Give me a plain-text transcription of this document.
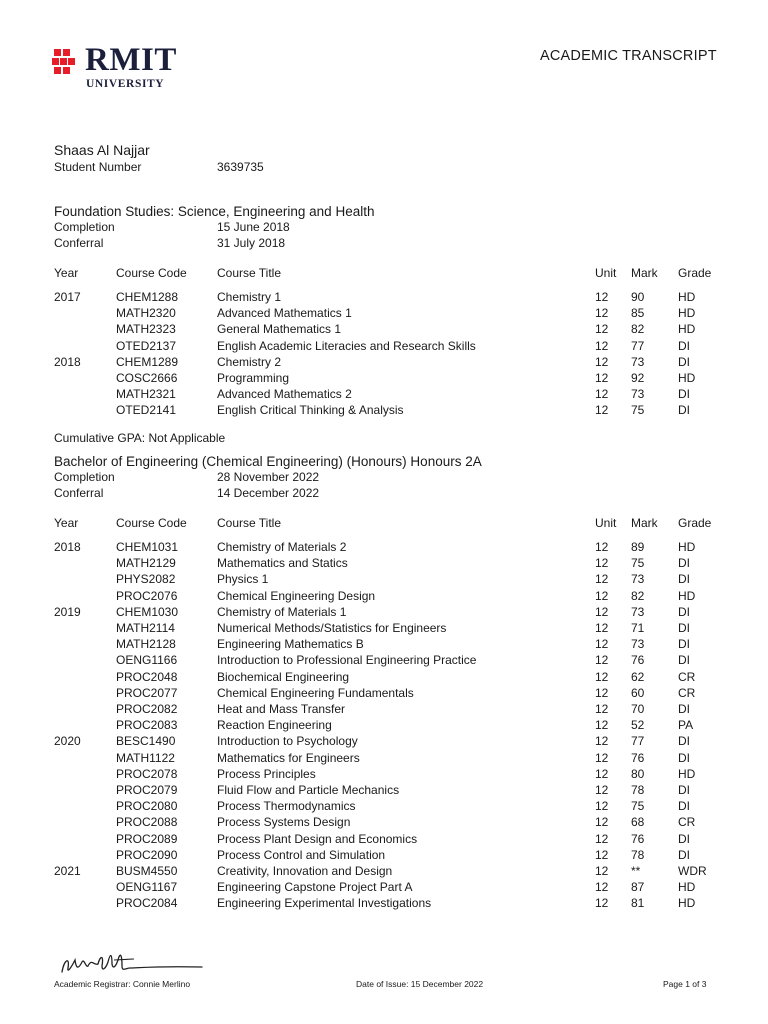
RMIT
UNIVERSITY
ACADEMIC TRANSCRIPT
Shaas Al Najjar
Student Number	3639735
Foundation Studies: Science, Engineering and Health
Completion	15 June 2018
Conferral	31 July 2018
Year	Course Code	Course Title	Unit Mark Grade
2017	CHEM1288	Chemistry 1	12 90	HD
MATH2320	Advanced Mathematics 1	12 85	HD
MATH2323	General Mathematics 1	12 82	HD
OTED2137	English Academic Literacies and Research Skills	12 77	DI
2018	CHEM1289	Chemistry 2	12 73	DI
COSC2666	Programming	12 92	HD
MATH2321	Advanced Mathematics 2	12 73	DI
OTED2141	English Critical Thinking & Analysis	12 75	DI
Cumulative GPA: Not Applicable
Bachelor of Engineering (Chemical Engineering) (Honours) Honours 2A
Completion	28 November 2022
Conferral	14 December 2022
Year	Course Code	Course Title	Unit Mark Grade
2018	CHEM1031	Chemistry of Materials 2	12 89	HD
MATH2129	Mathematics and Statics	12 75	DI
PHYS2082	Physics 1	12 73	DI
PROC2076	Chemical Engineering Design	12 82	HD
2019	CHEM1030	Chemistry of Materials 1	12 73	DI
MATH2114	Numerical Methods/Statistics for Engineers	12 71	DI
MATH2128	Engineering Mathematics B	12 73	DI
OENG1166	Introduction to Professional Engineering Practice	12 76	DI
PROC2048	Biochemical Engineering	12 62	CR
PROC2077	Chemical Engineering Fundamentals	12 60	CR
PROC2082	Heat and Mass Transfer	12 70	DI
PROC2083	Reaction Engineering	12 52	PA
2020	BESC1490	Introduction to Psychology	12 77	DI
MATH1122	Mathematics for Engineers	12 76	DI
PROC2078	Process Principles	12 80	HD
PROC2079	Fluid Flow and Particle Mechanics	12 78	DI
PROC2080	Process Thermodynamics	12 75	DI
PROC2088	Process Systems Design	12 68	CR
PROC2089	Process Plant Design and Economics	12 76	DI
PROC2090	Process Control and Simulation	12 78	DI
2021	BUSM4550	Creativity, Innovation and Design	12 **	WDR
OENG1167	Engineering Capstone Project Part A	12 87	HD
PROC2084	Engineering Experimental Investigations	12 81	HD
Academic Registrar: Connie Merlino	Date of Issue: 15 December 2022	Page 1 of 3
